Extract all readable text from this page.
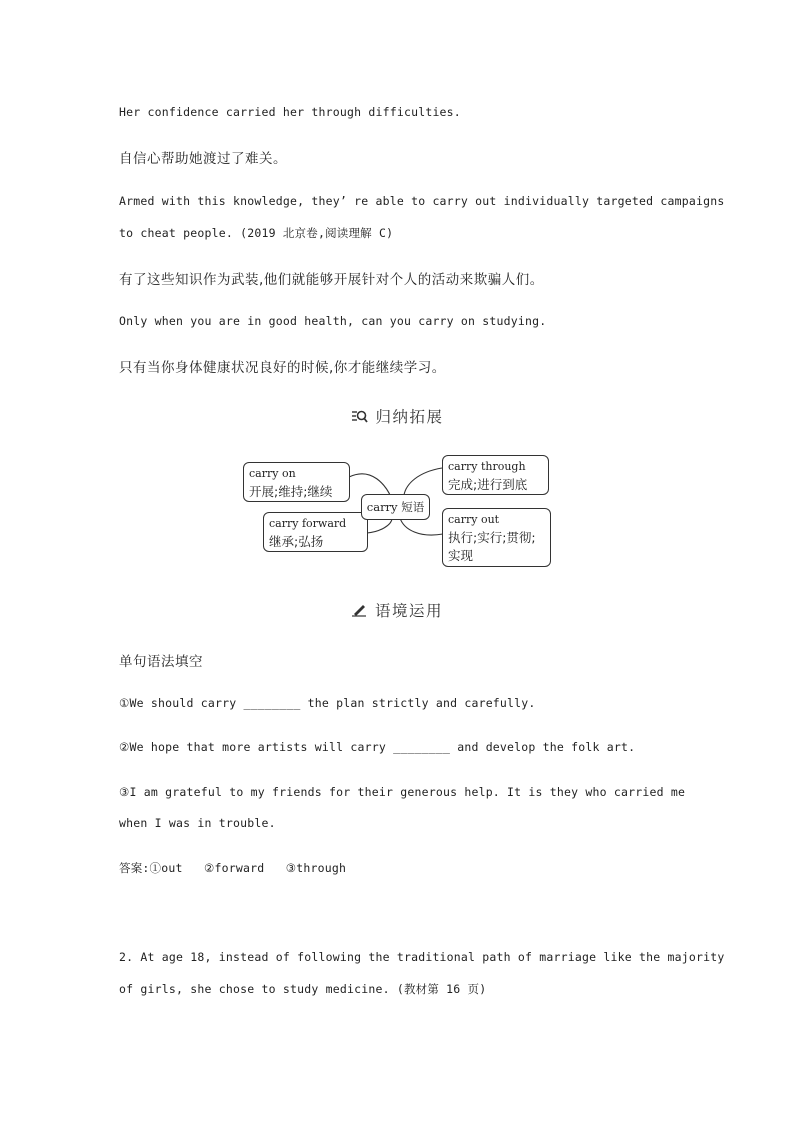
Her confidence carried her through difficulties.
自信心帮助她渡过了难关。
Armed with this knowledge, they’ re able to carry out individually targeted campaigns
to cheat people. (2019 北京卷,阅读理解 C)
有了这些知识作为武装,他们就能够开展针对个人的活动来欺骗人们。
Only when you are in good health, can you carry on studying.
只有当你身体健康状况良好的时候,你才能继续学习。
归纳拓展
carry on
开展;维持;继续
carry forward
继承;弘扬
carry 短语
carry through
完成;进行到底
carry out
执行;实行;贯彻;
实现
语境运用
单句语法填空
①We should carry ________ the plan strictly and carefully.
②We hope that more artists will carry ________ and develop the folk art.
③I am grateful to my friends for their generous help. It is they who carried me
when I was in trouble.
答案:①out   ②forward   ③through
2. At age 18, instead of following the traditional path of marriage like the majority
of girls, she chose to study medicine. (教材第 16 页)
